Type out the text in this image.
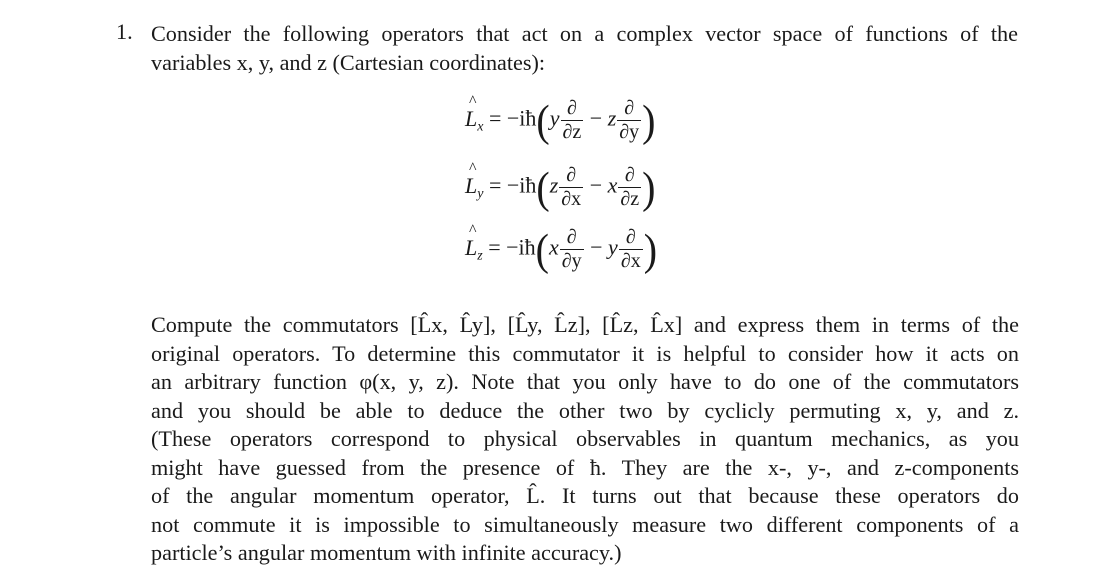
1. Consider the following operators that act on a complex vector space of functions of the
variables x, y, and z (Cartesian coordinates):
^ $L_x$ = −iħ(y $\frac{\partial}{\partial z} - z \frac{\partial}{\partial y}$ )
^ $L_y$ = −iħ(z $\frac{\partial}{\partial x} - x \frac{\partial}{\partial z}$ )
^ $L_z$ = −iħ(x $\frac{\partial}{\partial y} - y \frac{\partial}{\partial x}$ )
Compute the commutators [L̂x, L̂y], [L̂y, L̂z], [L̂z, L̂x] and express them in terms of the
original operators. To determine this commutator it is helpful to consider how it acts on
an arbitrary function φ(x, y, z). Note that you only have to do one of the commutators
and you should be able to deduce the other two by cyclicly permuting x, y, and z.
(These operators correspond to physical observables in quantum mechanics, as you
might have guessed from the presence of ħ. They are the x-, y-, and z-components
of the angular momentum operator, L̂. It turns out that because these operators do
not commute it is impossible to simultaneously measure two different components of a
particle’s angular momentum with infinite accuracy.)
